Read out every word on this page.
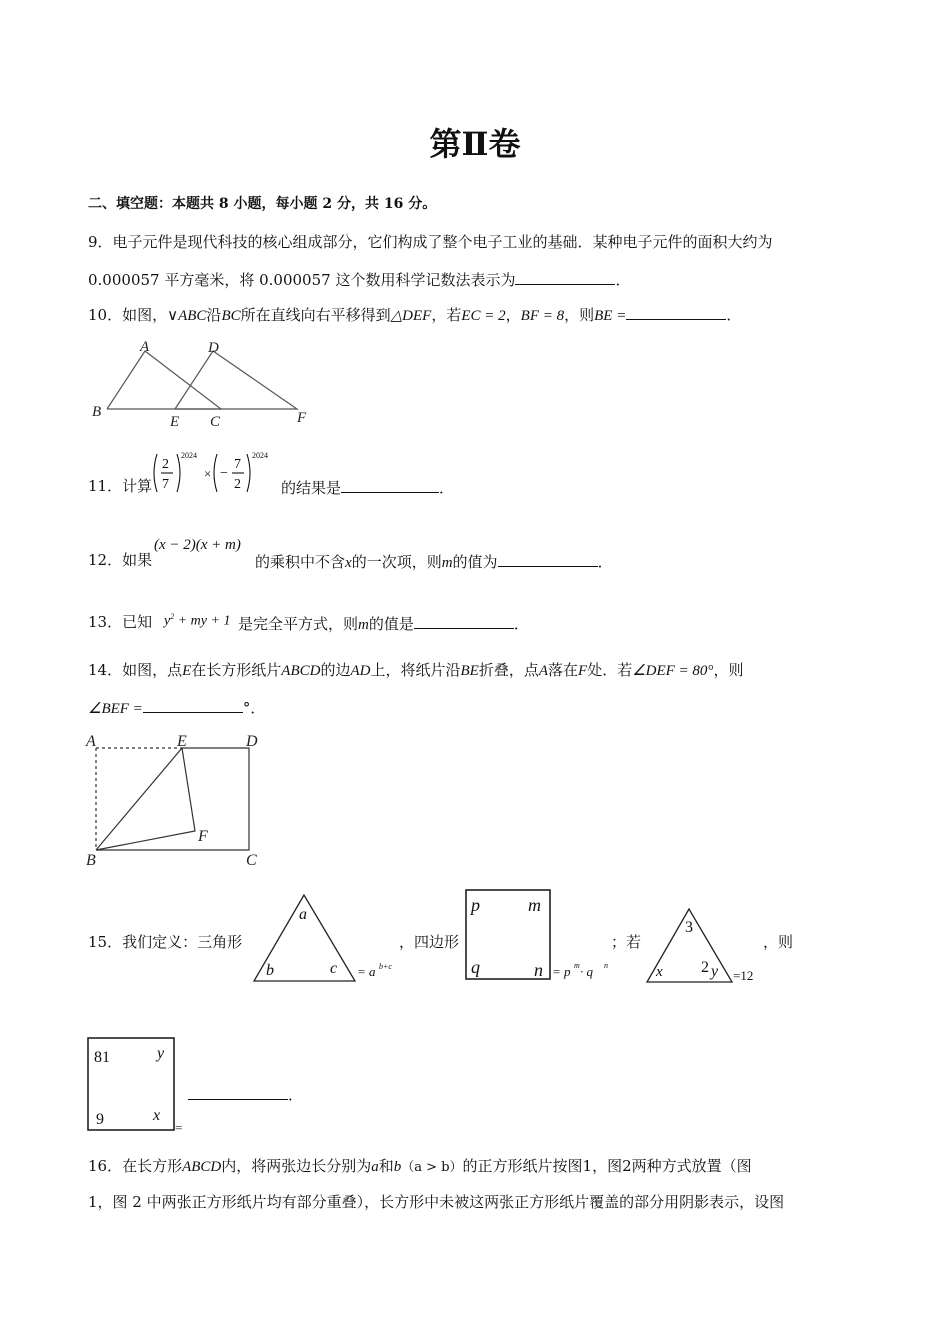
第Ⅱ卷
二、填空题：本题共 8 小题，每小题 2 分，共 16 分。
9．电子元件是现代科技的核心组成部分，它们构成了整个电子工业的基础．某种电子元件的面积大约为
0.000057 平方毫米，将 0.000057 这个数用科学记数法表示为	．
10．如图，∨ABC沿BC所在直线向右平移得到△DEF，若EC = 2，BF = 8，则BE =	．
A	D
B
E C	F
11．计算
2
7
2024
× −
7
2
2024
的结果是	．
12．如果
(x − 2)(x + m)
的乘积中不含x的一次项，则m的值为	．
13．已知 $y^2$ + my + 1 是完全平方式，则m的值是	．
14．如图，点E在长方形纸片ABCD的边AD上，将纸片沿BE折叠，点A落在F处．若∠DEF = 80°，则
∠BEF =	°．
A	E	D
F
B	C
15．我们定义：三角形
a
b	c = a b+c
，四边形
p	m
q	n = p m · q n
；若
3
x 2 y =12
，则
81	y
9	x
=
．
16．在长方形ABCD内，将两张边长分别为a和b（a > b）的正方形纸片按图1，图2两种方式放置（图
1，图 2 中两张正方形纸片均有部分重叠），长方形中未被这两张正方形纸片覆盖的部分用阴影表示，设图
